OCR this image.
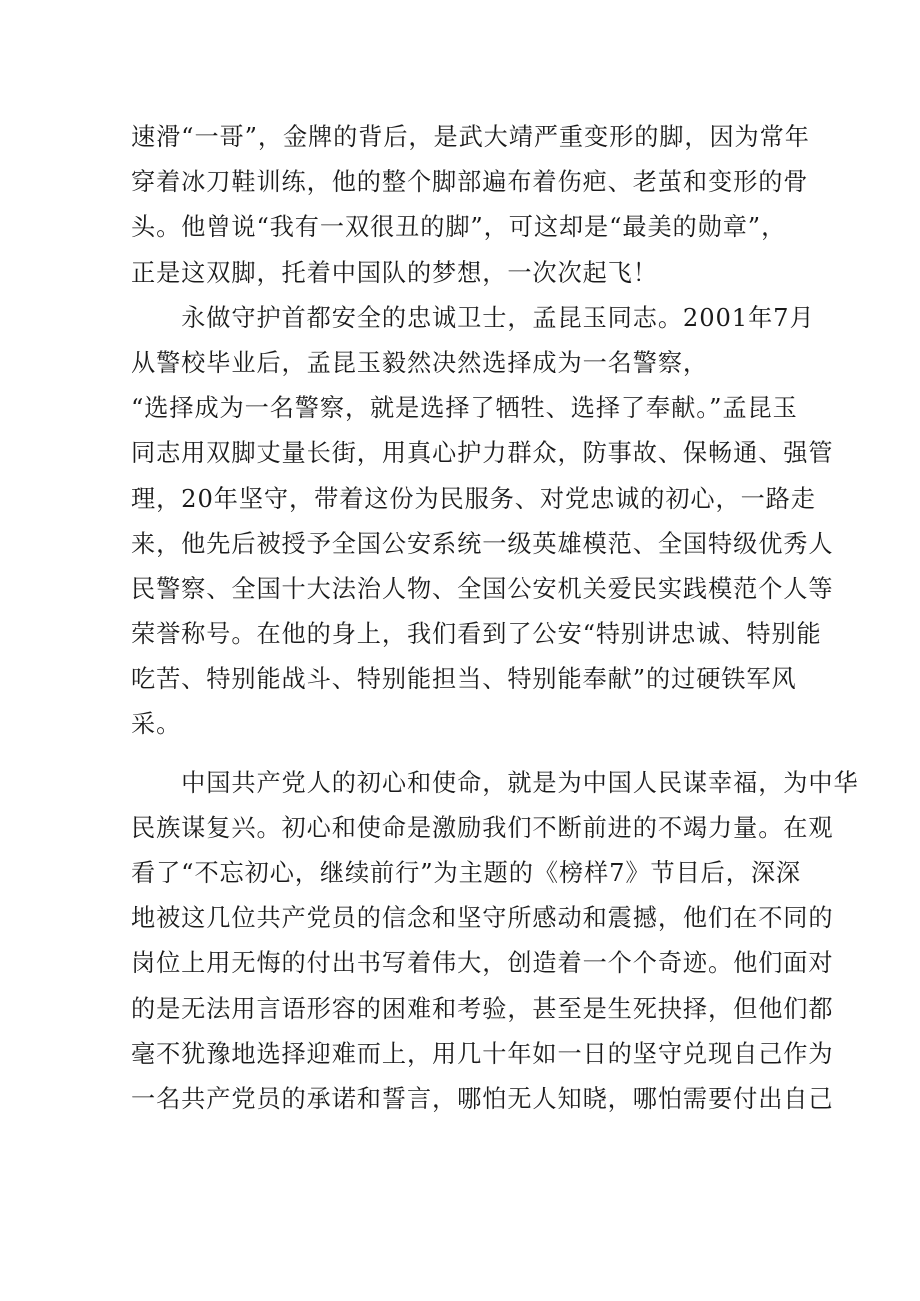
速滑“一哥”，金牌的背后，是武大靖严重变形的脚，因为常年

穿着冰刀鞋训练，他的整个脚部遍布着伤疤、老茧和变形的骨

头。他曾说“我有一双很丑的脚”，可这却是“最美的勋章”，

正是这双脚，托着中国队的梦想，一次次起飞！

　　永做守护首都安全的忠诚卫士，孟昆玉同志。2001年7月

从警校毕业后，孟昆玉毅然决然选择成为一名警察，

“选择成为一名警察，就是选择了牺牲、选择了奉献。”孟昆玉

同志用双脚丈量长街，用真心护力群众，防事故、保畅通、强管

理，20年坚守，带着这份为民服务、对党忠诚的初心，一路走

来，他先后被授予全国公安系统一级英雄模范、全国特级优秀人

民警察、全国十大法治人物、全国公安机关爱民实践模范个人等

荣誉称号。在他的身上，我们看到了公安“特别讲忠诚、特别能

吃苦、特别能战斗、特别能担当、特别能奉献”的过硬铁军风

采。

　　中国共产党人的初心和使命，就是为中国人民谋幸福，为中华

民族谋复兴。初心和使命是激励我们不断前进的不竭力量。在观

看了“不忘初心，继续前行”为主题的《榜样7》节目后，深深

地被这几位共产党员的信念和坚守所感动和震撼，他们在不同的

岗位上用无悔的付出书写着伟大，创造着一个个奇迹。他们面对

的是无法用言语形容的困难和考验，甚至是生死抉择，但他们都

毫不犹豫地选择迎难而上，用几十年如一日的坚守兑现自己作为

一名共产党员的承诺和誓言，哪怕无人知晓，哪怕需要付出自己
